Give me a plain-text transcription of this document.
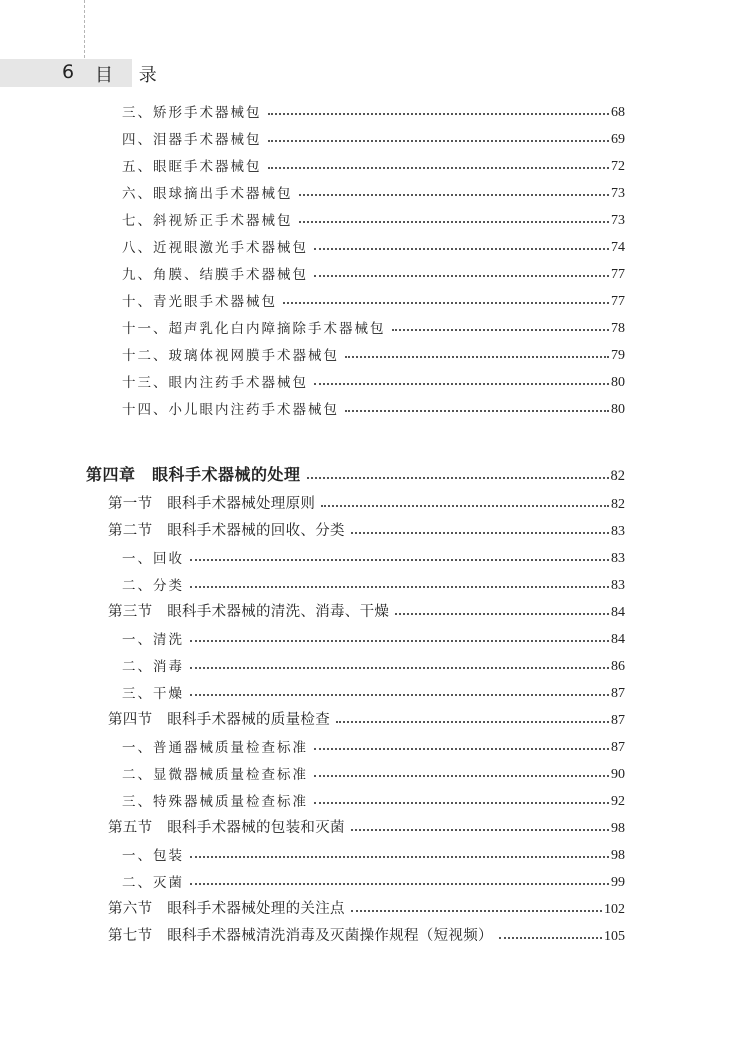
6 目 录
三、矫形手术器械包	68
四、泪器手术器械包	69
五、眼眶手术器械包	72
六、眼球摘出手术器械包	73
七、斜视矫正手术器械包	73
八、近视眼激光手术器械包	74
九、角膜、结膜手术器械包	77
十、青光眼手术器械包	77
十一、超声乳化白内障摘除手术器械包	78
十二、玻璃体视网膜手术器械包	79
十三、眼内注药手术器械包	80
十四、小儿眼内注药手术器械包	80
第四章　眼科手术器械的处理	82
第一节　眼科手术器械处理原则	82
第二节　眼科手术器械的回收、分类	83
一、回收	83
二、分类	83
第三节　眼科手术器械的清洗、消毒、干燥	84
一、清洗	84
二、消毒	86
三、干燥	87
第四节　眼科手术器械的质量检查	87
一、普通器械质量检查标准	87
二、显微器械质量检查标准	90
三、特殊器械质量检查标准	92
第五节　眼科手术器械的包装和灭菌	98
一、包装	98
二、灭菌	99
第六节　眼科手术器械处理的关注点	102
第七节　眼科手术器械清洗消毒及灭菌操作规程（短视频）	105
